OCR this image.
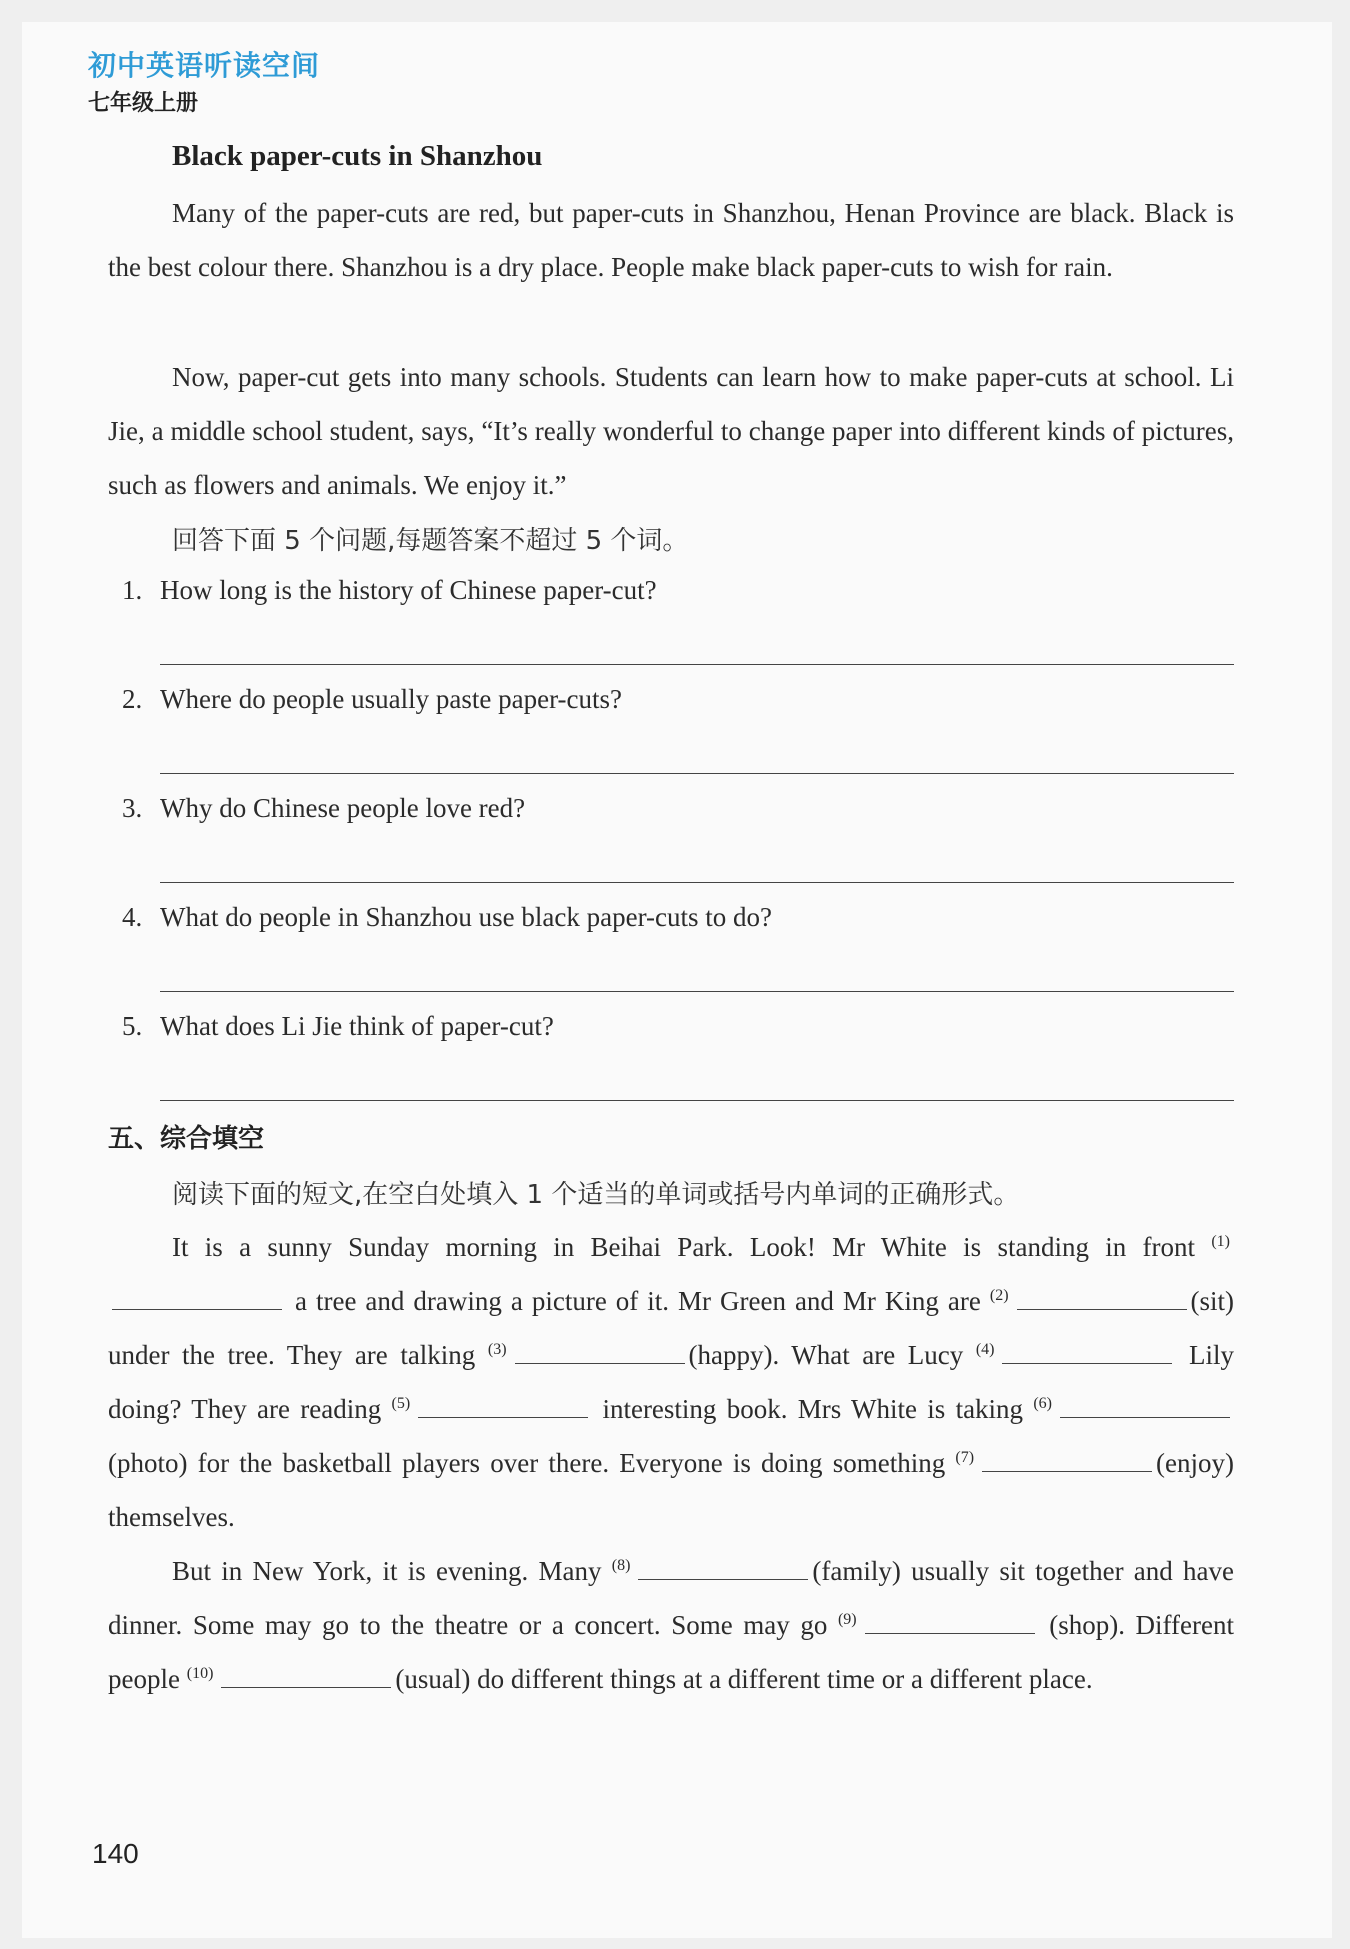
初中英语听读空间
七年级上册
Black paper-cuts in Shanzhou

Many of the paper-cuts are red, but paper-cuts in Shanzhou, Henan Province are black. Black is the best colour there. Shanzhou is a dry place. People make black paper-cuts to wish for rain.

Now, paper-cut gets into many schools. Students can learn how to make paper-cuts at school. Li Jie, a middle school student, says, “It’s really wonderful to change paper into different kinds of pictures, such as flowers and animals. We enjoy it.”

回答下面 5 个问题,每题答案不超过 5 个词。
1. How long is the history of Chinese paper-cut?
2. Where do people usually paste paper-cuts?
3. Why do Chinese people love red?
4. What do people in Shanzhou use black paper-cuts to do?
5. What does Li Jie think of paper-cut?
五、综合填空
阅读下面的短文,在空白处填入 1 个适当的单词或括号内单词的正确形式。

It is a sunny Sunday morning in Beihai Park. Look! Mr White is standing in front $^{(1)}$ a tree and drawing a picture of it. Mr Green and Mr King are $^{(2)}$	(sit) under the tree. They are talking $^{(3)}$	(happy). What are Lucy $^{(4)}$	Lily doing? They are reading $^{(5)}$	interesting book. Mrs White is taking $^{(6)}$(photo) for the basketball players over there. Everyone is doing something $^{(7)}$	(enjoy) themselves.

But in New York, it is evening. Many $^{(8)}$	(family) usually sit together and have dinner. Some may go to the theatre or a concert. Some may go $^{(9)}$	(shop). Different people $^{(10)}$	(usual) do different things at a different time or a different place.

140
